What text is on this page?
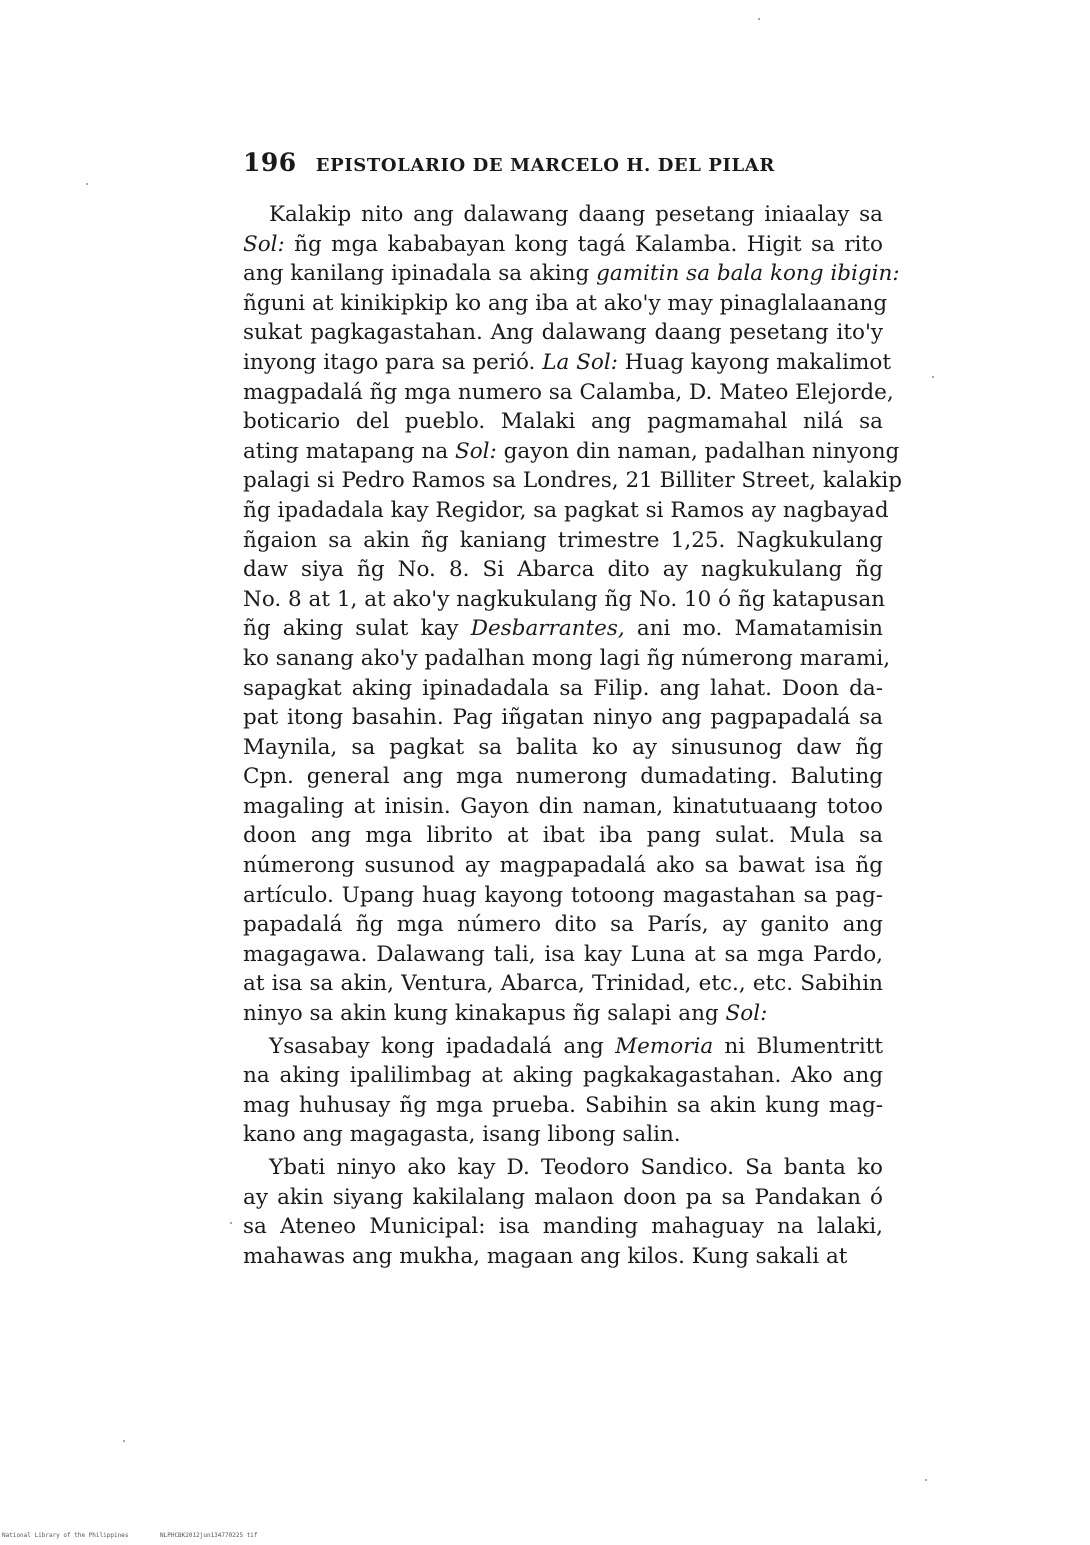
196 EPISTOLARIO DE MARCELO H. DEL PILAR
Kalakip nito ang dalawang daang pesetang iniaalay sa
Sol: ñg mga kababayan kong tagá Kalamba. Higit sa rito
ang kanilang ipinadala sa aking gamitin sa bala kong ibigin:
ñguni at kinikipkip ko ang iba at ako'y may pinaglalaanang
sukat pagkagastahan. Ang dalawang daang pesetang ito'y
inyong itago para sa perió. La Sol: Huag kayong makalimot
magpadalá ñg mga numero sa Calamba, D. Mateo Elejorde,
boticario del pueblo. Malaki ang pagmamahal nilá sa
ating matapang na Sol: gayon din naman, padalhan ninyong
palagi si Pedro Ramos sa Londres, 21 Billiter Street, kalakip
ñg ipadadala kay Regidor, sa pagkat si Ramos ay nagbayad
ñgaion sa akin ñg kaniang trimestre 1,25. Nagkukulang
daw siya ñg No. 8. Si Abarca dito ay nagkukulang ñg
No. 8 at 1, at ako'y nagkukulang ñg No. 10 ó ñg katapusan
ñg aking sulat kay Desbarrantes, ani mo. Mamatamisin
ko sanang ako'y padalhan mong lagi ñg númerong marami,
sapagkat aking ipinadadala sa Filip. ang lahat. Doon da-
pat itong basahin. Pag iñgatan ninyo ang pagpapadalá sa
Maynila, sa pagkat sa balita ko ay sinusunog daw ñg
Cpn. general ang mga numerong dumadating. Baluting
magaling at inisin. Gayon din naman, kinatutuaang totoo
doon ang mga librito at ibat iba pang sulat. Mula sa
númerong susunod ay magpapadalá ako sa bawat isa ñg
artículo. Upang huag kayong totoong magastahan sa pag-
papadalá ñg mga número dito sa París, ay ganito ang
magagawa. Dalawang tali, isa kay Luna at sa mga Pardo,
at isa sa akin, Ventura, Abarca, Trinidad, etc., etc. Sabihin
ninyo sa akin kung kinakapus ñg salapi ang Sol:
Ysasabay kong ipadadalá ang Memoria ni Blumentritt
na aking ipalilimbag at aking pagkakagastahan. Ako ang
mag huhusay ñg mga prueba. Sabihin sa akin kung mag-
kano ang magagasta, isang libong salin.
Ybati ninyo ako kay D. Teodoro Sandico. Sa banta ko
ay akin siyang kakilalang malaon doon pa sa Pandakan ó
sa Ateneo Municipal: isa manding mahaguay na lalaki,
mahawas ang mukha, magaan ang kilos. Kung sakali at
National Library of the Philippines	NLPHCBK2012jun134770225 tif
